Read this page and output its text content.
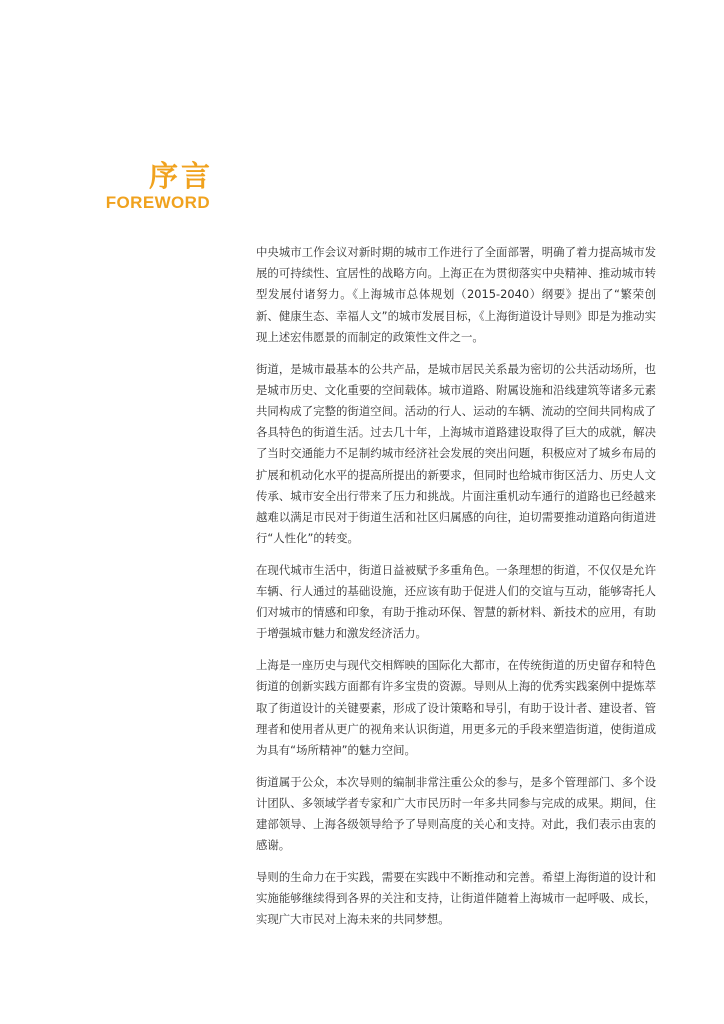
序言
FOREWORD

中央城市工作会议对新时期的城市工作进行了全面部署，明确了着力提高城市发展的可持续性、宜居性的战略方向。上海正在为贯彻落实中央精神、推动城市转型发展付诸努力。《上海城市总体规划（2015-2040）纲要》提出了“繁荣创新、健康生态、幸福人文”的城市发展目标，《上海街道设计导则》即是为推动实现上述宏伟愿景的而制定的政策性文件之一。

街道，是城市最基本的公共产品，是城市居民关系最为密切的公共活动场所，也是城市历史、文化重要的空间载体。城市道路、附属设施和沿线建筑等诸多元素共同构成了完整的街道空间。活动的行人、运动的车辆、流动的空间共同构成了各具特色的街道生活。过去几十年，上海城市道路建设取得了巨大的成就，解决了当时交通能力不足制约城市经济社会发展的突出问题，积极应对了城乡布局的扩展和机动化水平的提高所提出的新要求，但同时也给城市街区活力、历史人文传承、城市安全出行带来了压力和挑战。片面注重机动车通行的道路也已经越来越难以满足市民对于街道生活和社区归属感的向往，迫切需要推动道路向街道进行“人性化”的转变。

在现代城市生活中，街道日益被赋予多重角色。一条理想的街道，不仅仅是允许车辆、行人通过的基础设施，还应该有助于促进人们的交谊与互动，能够寄托人们对城市的情感和印象，有助于推动环保、智慧的新材料、新技术的应用，有助于增强城市魅力和激发经济活力。

上海是一座历史与现代交相辉映的国际化大都市，在传统街道的历史留存和特色街道的创新实践方面都有许多宝贵的资源。导则从上海的优秀实践案例中提炼萃取了街道设计的关键要素，形成了设计策略和导引，有助于设计者、建设者、管理者和使用者从更广的视角来认识街道，用更多元的手段来塑造街道，使街道成为具有“场所精神”的魅力空间。

街道属于公众，本次导则的编制非常注重公众的参与，是多个管理部门、多个设计团队、多领域学者专家和广大市民历时一年多共同参与完成的成果。期间，住建部领导、上海各级领导给予了导则高度的关心和支持。对此，我们表示由衷的感谢。

导则的生命力在于实践，需要在实践中不断推动和完善。希望上海街道的设计和实施能够继续得到各界的关注和支持，让街道伴随着上海城市一起呼吸、成长，实现广大市民对上海未来的共同梦想。
